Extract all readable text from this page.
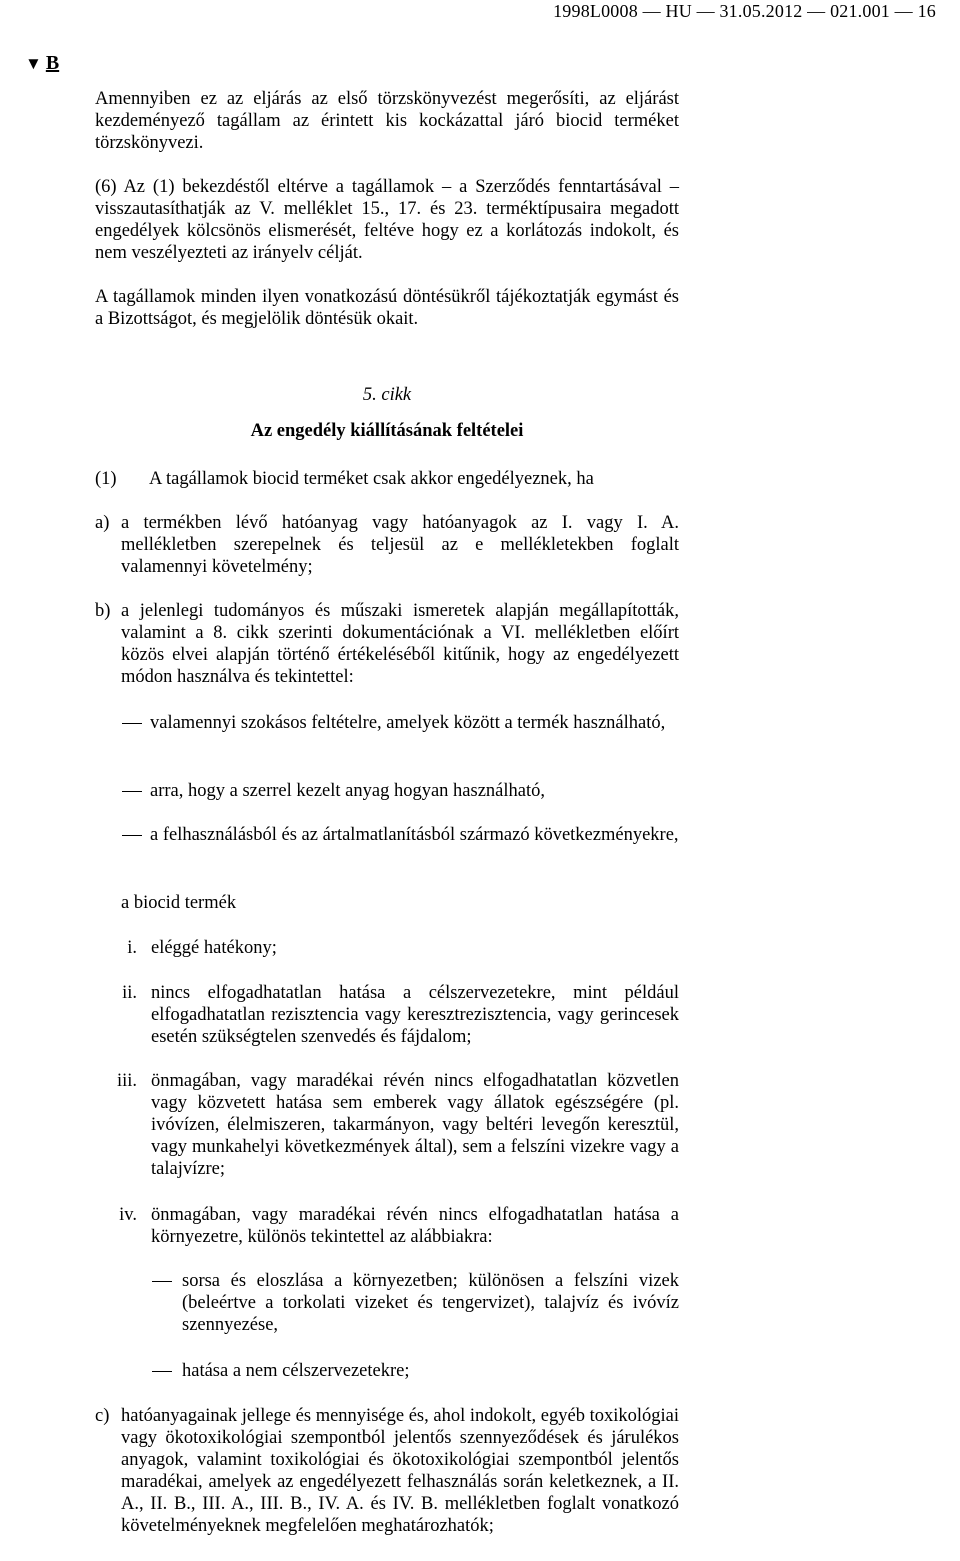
1998L0008 — HU — 31.05.2012 — 021.001 — 16
▼ B
Amennyiben ez az eljárás az első törzskönyvezést megerősíti, az eljárást kezdeményező tagállam az érintett kis kockázattal járó biocid terméket törzskönyvezi.
(6) Az (1) bekezdéstől eltérve a tagállamok – a Szerződés fenntartásával – visszautasíthatják az V. melléklet 15., 17. és 23. terméktípusaira megadott engedélyek kölcsönös elismerését, feltéve hogy ez a korlátozás indokolt, és nem veszélyezteti az irányelv célját.
A tagállamok minden ilyen vonatkozású döntésükről tájékoztatják egymást és a Bizottságot, és megjelölik döntésük okait.
5. cikk
Az engedély kiállításának feltételei
(1) A tagállamok biocid terméket csak akkor engedélyeznek, ha
a) a termékben lévő hatóanyag vagy hatóanyagok az I. vagy I. A. mellékletben szerepelnek és teljesül az e mellékletekben foglalt valamennyi követelmény;
b) a jelenlegi tudományos és műszaki ismeretek alapján megállapították, valamint a 8. cikk szerinti dokumentációnak a VI. mellékletben előírt közös elvei alapján történő értékeléséből kitűnik, hogy az engedélyezett módon használva és tekintettel:
valamennyi szokásos feltételre, amelyek között a termék használható,
arra, hogy a szerrel kezelt anyag hogyan használható,
a felhasználásból és az ártalmatlanításból származó következményekre,
a biocid termék
i. eléggé hatékony;
ii. nincs elfogadhatatlan hatása a célszervezetekre, mint például elfogadhatatlan rezisztencia vagy keresztrezisztencia, vagy gerincesek esetén szükségtelen szenvedés és fájdalom;
iii. önmagában, vagy maradékai révén nincs elfogadhatatlan közvetlen vagy közvetett hatása sem emberek vagy állatok egészségére (pl. ivóvízen, élelmiszeren, takarmányon, vagy beltéri levegőn keresztül, vagy munkahelyi következmények által), sem a felszíni vizekre vagy a talajvízre;
iv. önmagában, vagy maradékai révén nincs elfogadhatatlan hatása a környezetre, különös tekintettel az alábbiakra:
sorsa és eloszlása a környezetben; különösen a felszíni vizek (beleértve a torkolati vizeket és tengervizet), talajvíz és ivóvíz szennyezése,
hatása a nem célszervezetekre;
c) hatóanyagainak jellege és mennyisége és, ahol indokolt, egyéb toxikológiai vagy ökotoxikológiai szempontból jelentős szennyeződések és járulékos anyagok, valamint toxikológiai és ökotoxikológiai szempontból jelentős maradékai, amelyek az engedélyezett felhasználás során keletkeznek, a II. A., II. B., III. A., III. B., IV. A. és IV. B. mellékletben foglalt vonatkozó követelményeknek megfelelően meghatározhatók;
